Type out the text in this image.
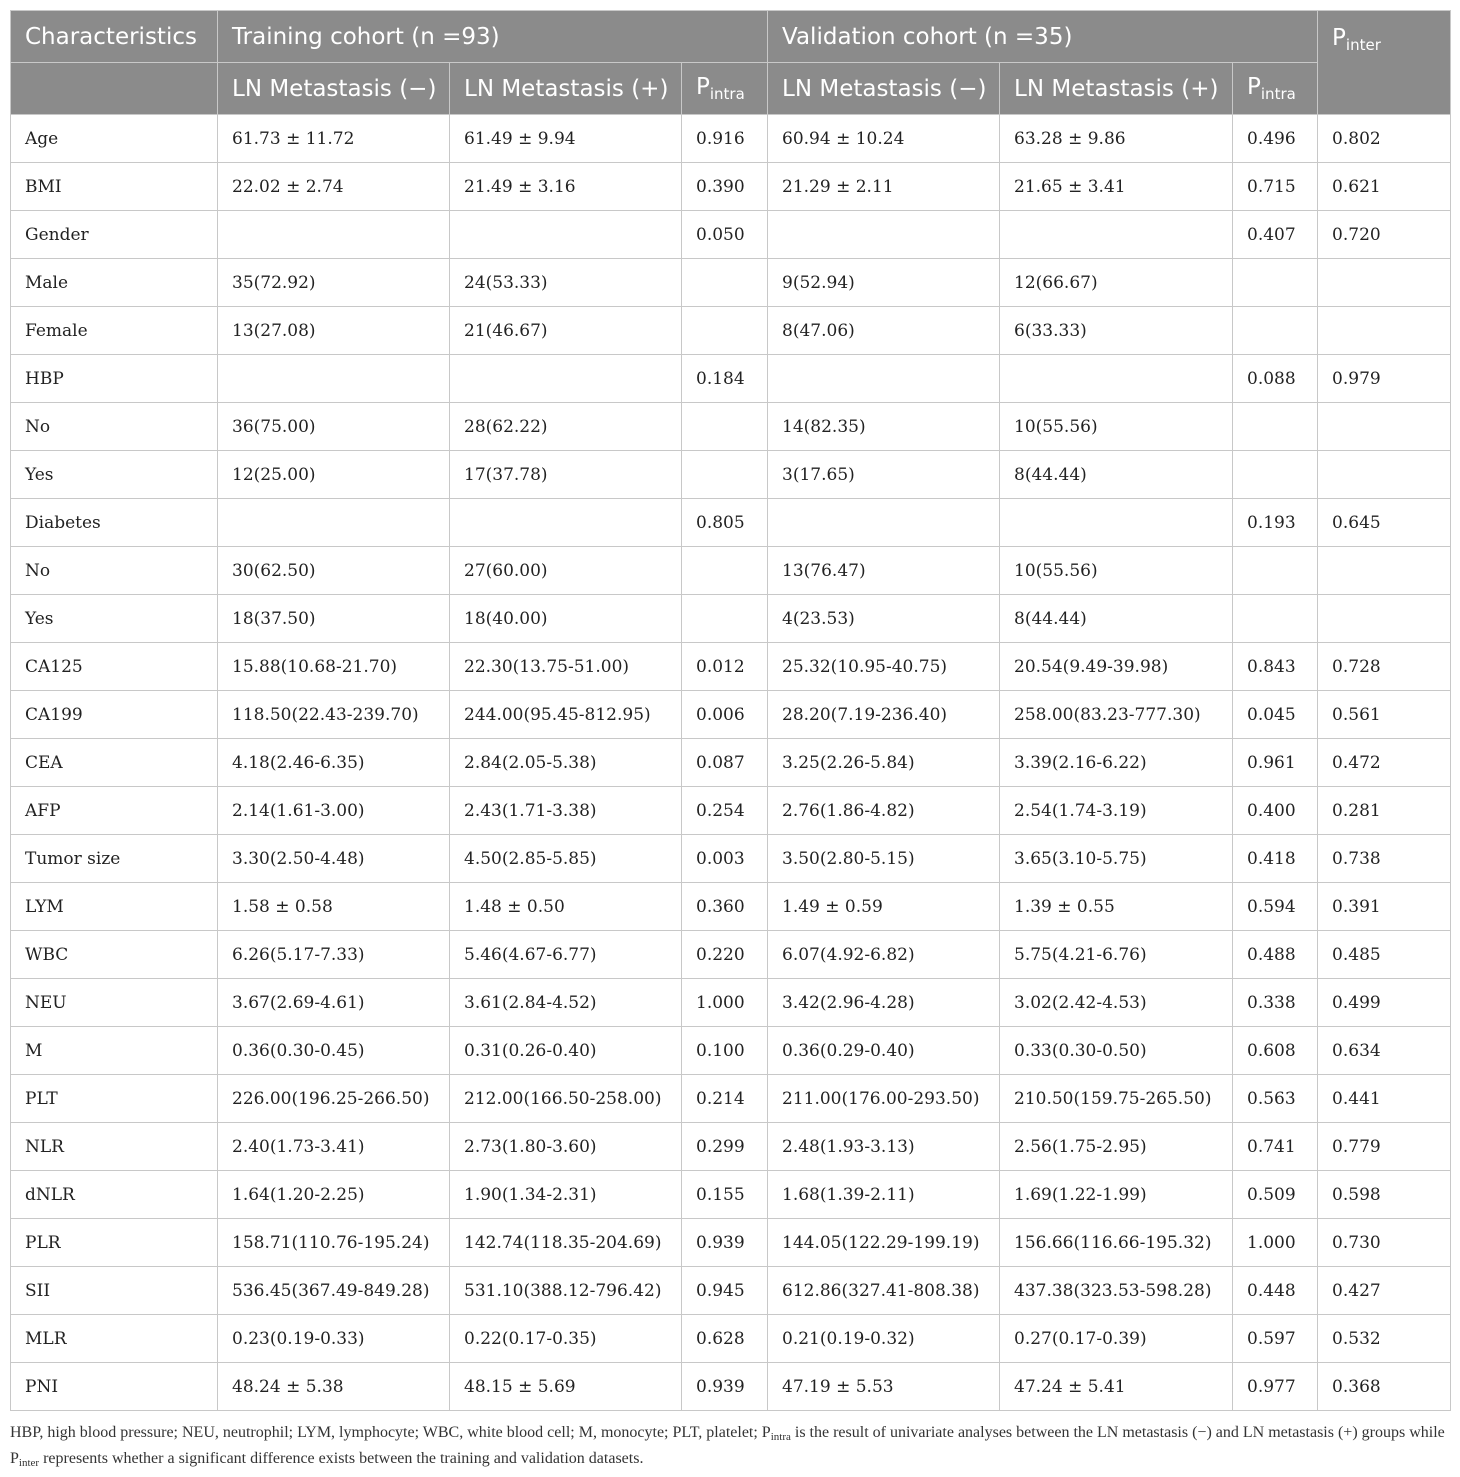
Characteristics	Training cohort (n =93)			Validation cohort (n =35)			$P_{inter}$
	LN Metastasis (−)	LN Metastasis (+)	$P_{intra}$	LN Metastasis (−)	LN Metastasis (+)	$P_{intra}$
Age	61.73 ± 11.72	61.49 ± 9.94	0.916	60.94 ± 10.24	63.28 ± 9.86	0.496	0.802
BMI	22.02 ± 2.74	21.49 ± 3.16	0.390	21.29 ± 2.11	21.65 ± 3.41	0.715	0.621
Gender			0.050			0.407	0.720
Male	35(72.92)	24(53.33)		9(52.94)	12(66.67)		
Female	13(27.08)	21(46.67)		8(47.06)	6(33.33)		
HBP			0.184			0.088	0.979
No	36(75.00)	28(62.22)		14(82.35)	10(55.56)		
Yes	12(25.00)	17(37.78)		3(17.65)	8(44.44)		
Diabetes			0.805			0.193	0.645
No	30(62.50)	27(60.00)		13(76.47)	10(55.56)		
Yes	18(37.50)	18(40.00)		4(23.53)	8(44.44)		
CA125	15.88(10.68-21.70)	22.30(13.75-51.00)	0.012	25.32(10.95-40.75)	20.54(9.49-39.98)	0.843	0.728
CA199	118.50(22.43-239.70)	244.00(95.45-812.95)	0.006	28.20(7.19-236.40)	258.00(83.23-777.30)	0.045	0.561
CEA	4.18(2.46-6.35)	2.84(2.05-5.38)	0.087	3.25(2.26-5.84)	3.39(2.16-6.22)	0.961	0.472
AFP	2.14(1.61-3.00)	2.43(1.71-3.38)	0.254	2.76(1.86-4.82)	2.54(1.74-3.19)	0.400	0.281
Tumor size	3.30(2.50-4.48)	4.50(2.85-5.85)	0.003	3.50(2.80-5.15)	3.65(3.10-5.75)	0.418	0.738
LYM	1.58 ± 0.58	1.48 ± 0.50	0.360	1.49 ± 0.59	1.39 ± 0.55	0.594	0.391
WBC	6.26(5.17-7.33)	5.46(4.67-6.77)	0.220	6.07(4.92-6.82)	5.75(4.21-6.76)	0.488	0.485
NEU	3.67(2.69-4.61)	3.61(2.84-4.52)	1.000	3.42(2.96-4.28)	3.02(2.42-4.53)	0.338	0.499
M	0.36(0.30-0.45)	0.31(0.26-0.40)	0.100	0.36(0.29-0.40)	0.33(0.30-0.50)	0.608	0.634
PLT	226.00(196.25-266.50)	212.00(166.50-258.00)	0.214	211.00(176.00-293.50)	210.50(159.75-265.50)	0.563	0.441
NLR	2.40(1.73-3.41)	2.73(1.80-3.60)	0.299	2.48(1.93-3.13)	2.56(1.75-2.95)	0.741	0.779
dNLR	1.64(1.20-2.25)	1.90(1.34-2.31)	0.155	1.68(1.39-2.11)	1.69(1.22-1.99)	0.509	0.598
PLR	158.71(110.76-195.24)	142.74(118.35-204.69)	0.939	144.05(122.29-199.19)	156.66(116.66-195.32)	1.000	0.730
SII	536.45(367.49-849.28)	531.10(388.12-796.42)	0.945	612.86(327.41-808.38)	437.38(323.53-598.28)	0.448	0.427
MLR	0.23(0.19-0.33)	0.22(0.17-0.35)	0.628	0.21(0.19-0.32)	0.27(0.17-0.39)	0.597	0.532
PNI	48.24 ± 5.38	48.15 ± 5.69	0.939	47.19 ± 5.53	47.24 ± 5.41	0.977	0.368
HBP, high blood pressure; NEU, neutrophil; LYM, lymphocyte; WBC, white blood cell; M, monocyte; PLT, platelet; $P_{intra}$ is the result of univariate analyses between the LN metastasis (−) and LN metastasis (+) groups while $P_{inter}$ represents whether a significant difference exists between the training and validation datasets.
